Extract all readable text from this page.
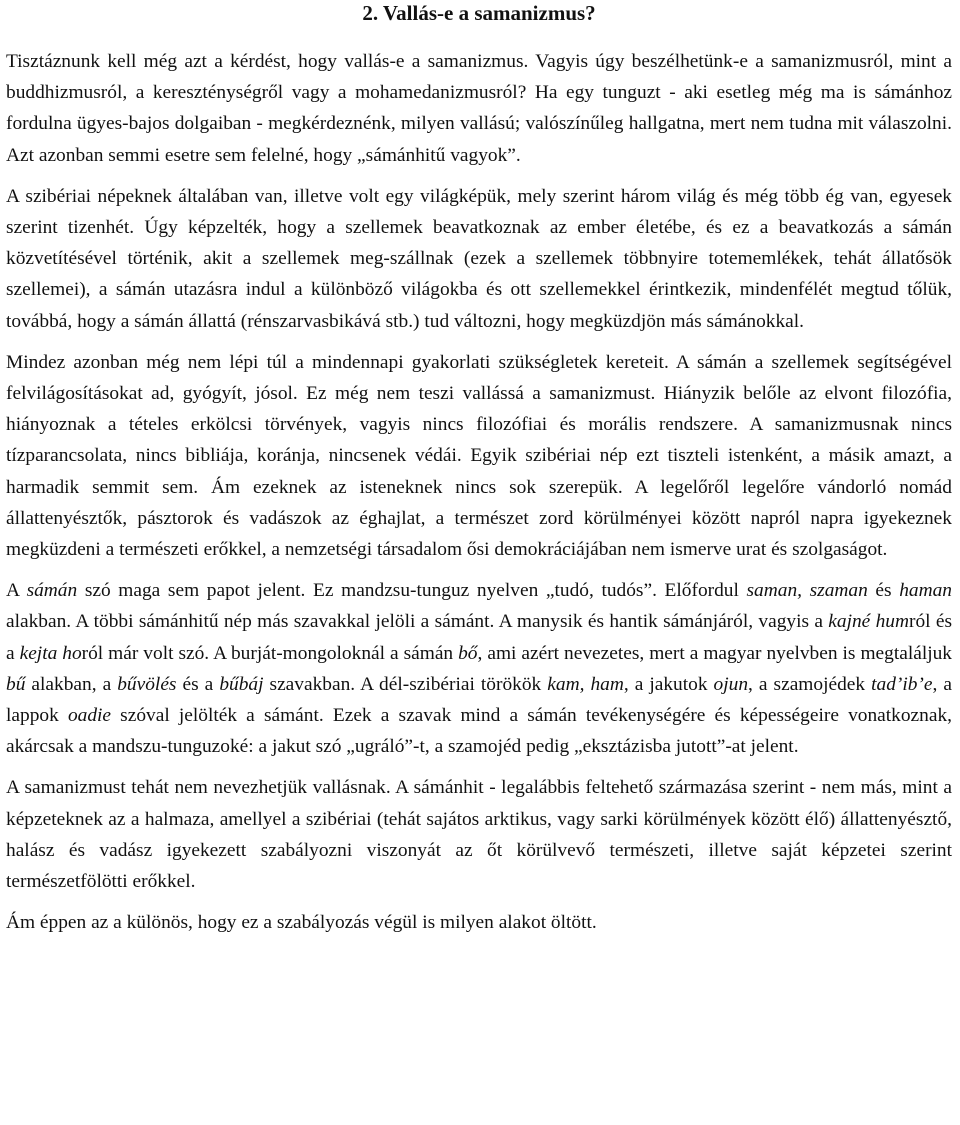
2. Vallás-e a samanizmus?

Tisztáznunk kell még azt a kérdést, hogy vallás-e a samanizmus. Vagyis úgy beszélhetünk-e a samanizmusról, mint a buddhizmusról, a kereszténységről vagy a mohamedanizmusról? Ha egy tunguzt - aki esetleg még ma is sámánhoz fordulna ügyes-bajos dolgaiban - megkérdeznénk, milyen vallású; valószínűleg hallgatna, mert nem tudna mit válaszolni. Azt azonban semmi esetre sem felelné, hogy „sámánhitű vagyok”.

A szibériai népeknek általában van, illetve volt egy világképük, mely szerint három világ és még több ég van, egyesek szerint tizenhét. Úgy képzelték, hogy a szellemek beavatkoznak az ember életébe, és ez a beavatkozás a sámán közvetítésével történik, akit a szellemek meg-szállnak (ezek a szellemek többnyire totememlékek, tehát állatősök szellemei), a sámán utazásra indul a különböző világokba és ott szellemekkel érintkezik, mindenfélét megtud tőlük, továbbá, hogy a sámán állattá (rénszarvasbikává stb.) tud változni, hogy megküzdjön más sámánokkal.

Mindez azonban még nem lépi túl a mindennapi gyakorlati szükségletek kereteit. A sámán a szellemek segítségével felvilágosításokat ad, gyógyít, jósol. Ez még nem teszi vallássá a samanizmust. Hiányzik belőle az elvont filozófia, hiányoznak a tételes erkölcsi törvények, vagyis nincs filozófiai és morális rendszere. A samanizmusnak nincs tízparancsolata, nincs bibliája, koránja, nincsenek védái. Egyik szibériai nép ezt tiszteli istenként, a másik amazt, a harmadik semmit sem. Ám ezeknek az isteneknek nincs sok szerepük. A legelőről legelőre vándorló nomád állattenyésztők, pásztorok és vadászok az éghajlat, a természet zord körülményei között napról napra igyekeznek megküzdeni a természeti erőkkel, a nemzetségi társadalom ősi demokráciájában nem ismerve urat és szolgaságot.

A sámán szó maga sem papot jelent. Ez mandzsu-tunguz nyelven „tudó, tudós”. Előfordul saman, szaman és haman alakban. A többi sámánhitű nép más szavakkal jelöli a sámánt. A manysik és hantik sámánjáról, vagyis a kajné humról és a kejta horól már volt szó. A burját-mongoloknál a sámán bő, ami azért nevezetes, mert a magyar nyelvben is megtaláljuk bű alakban, a bűvölés és a bűbáj szavakban. A dél-szibériai törökök kam, ham, a jakutok ojun, a szamojédek tad’ib’e, a lappok oadie szóval jelölték a sámánt. Ezek a szavak mind a sámán tevékenységére és képességeire vonatkoznak, akárcsak a mandszu-tunguzoké: a jakut szó „ugráló”-t, a szamojéd pedig „eksztázisba jutott”-at jelent.

A samanizmust tehát nem nevezhetjük vallásnak. A sámánhit - legalábbis feltehető származása szerint - nem más, mint a képzeteknek az a halmaza, amellyel a szibériai (tehát sajátos arktikus, vagy sarki körülmények között élő) állattenyésztő, halász és vadász igyekezett szabályozni viszonyát az őt körülvevő természeti, illetve saját képzetei szerint természetfölötti erőkkel.

Ám éppen az a különös, hogy ez a szabályozás végül is milyen alakot öltött.
